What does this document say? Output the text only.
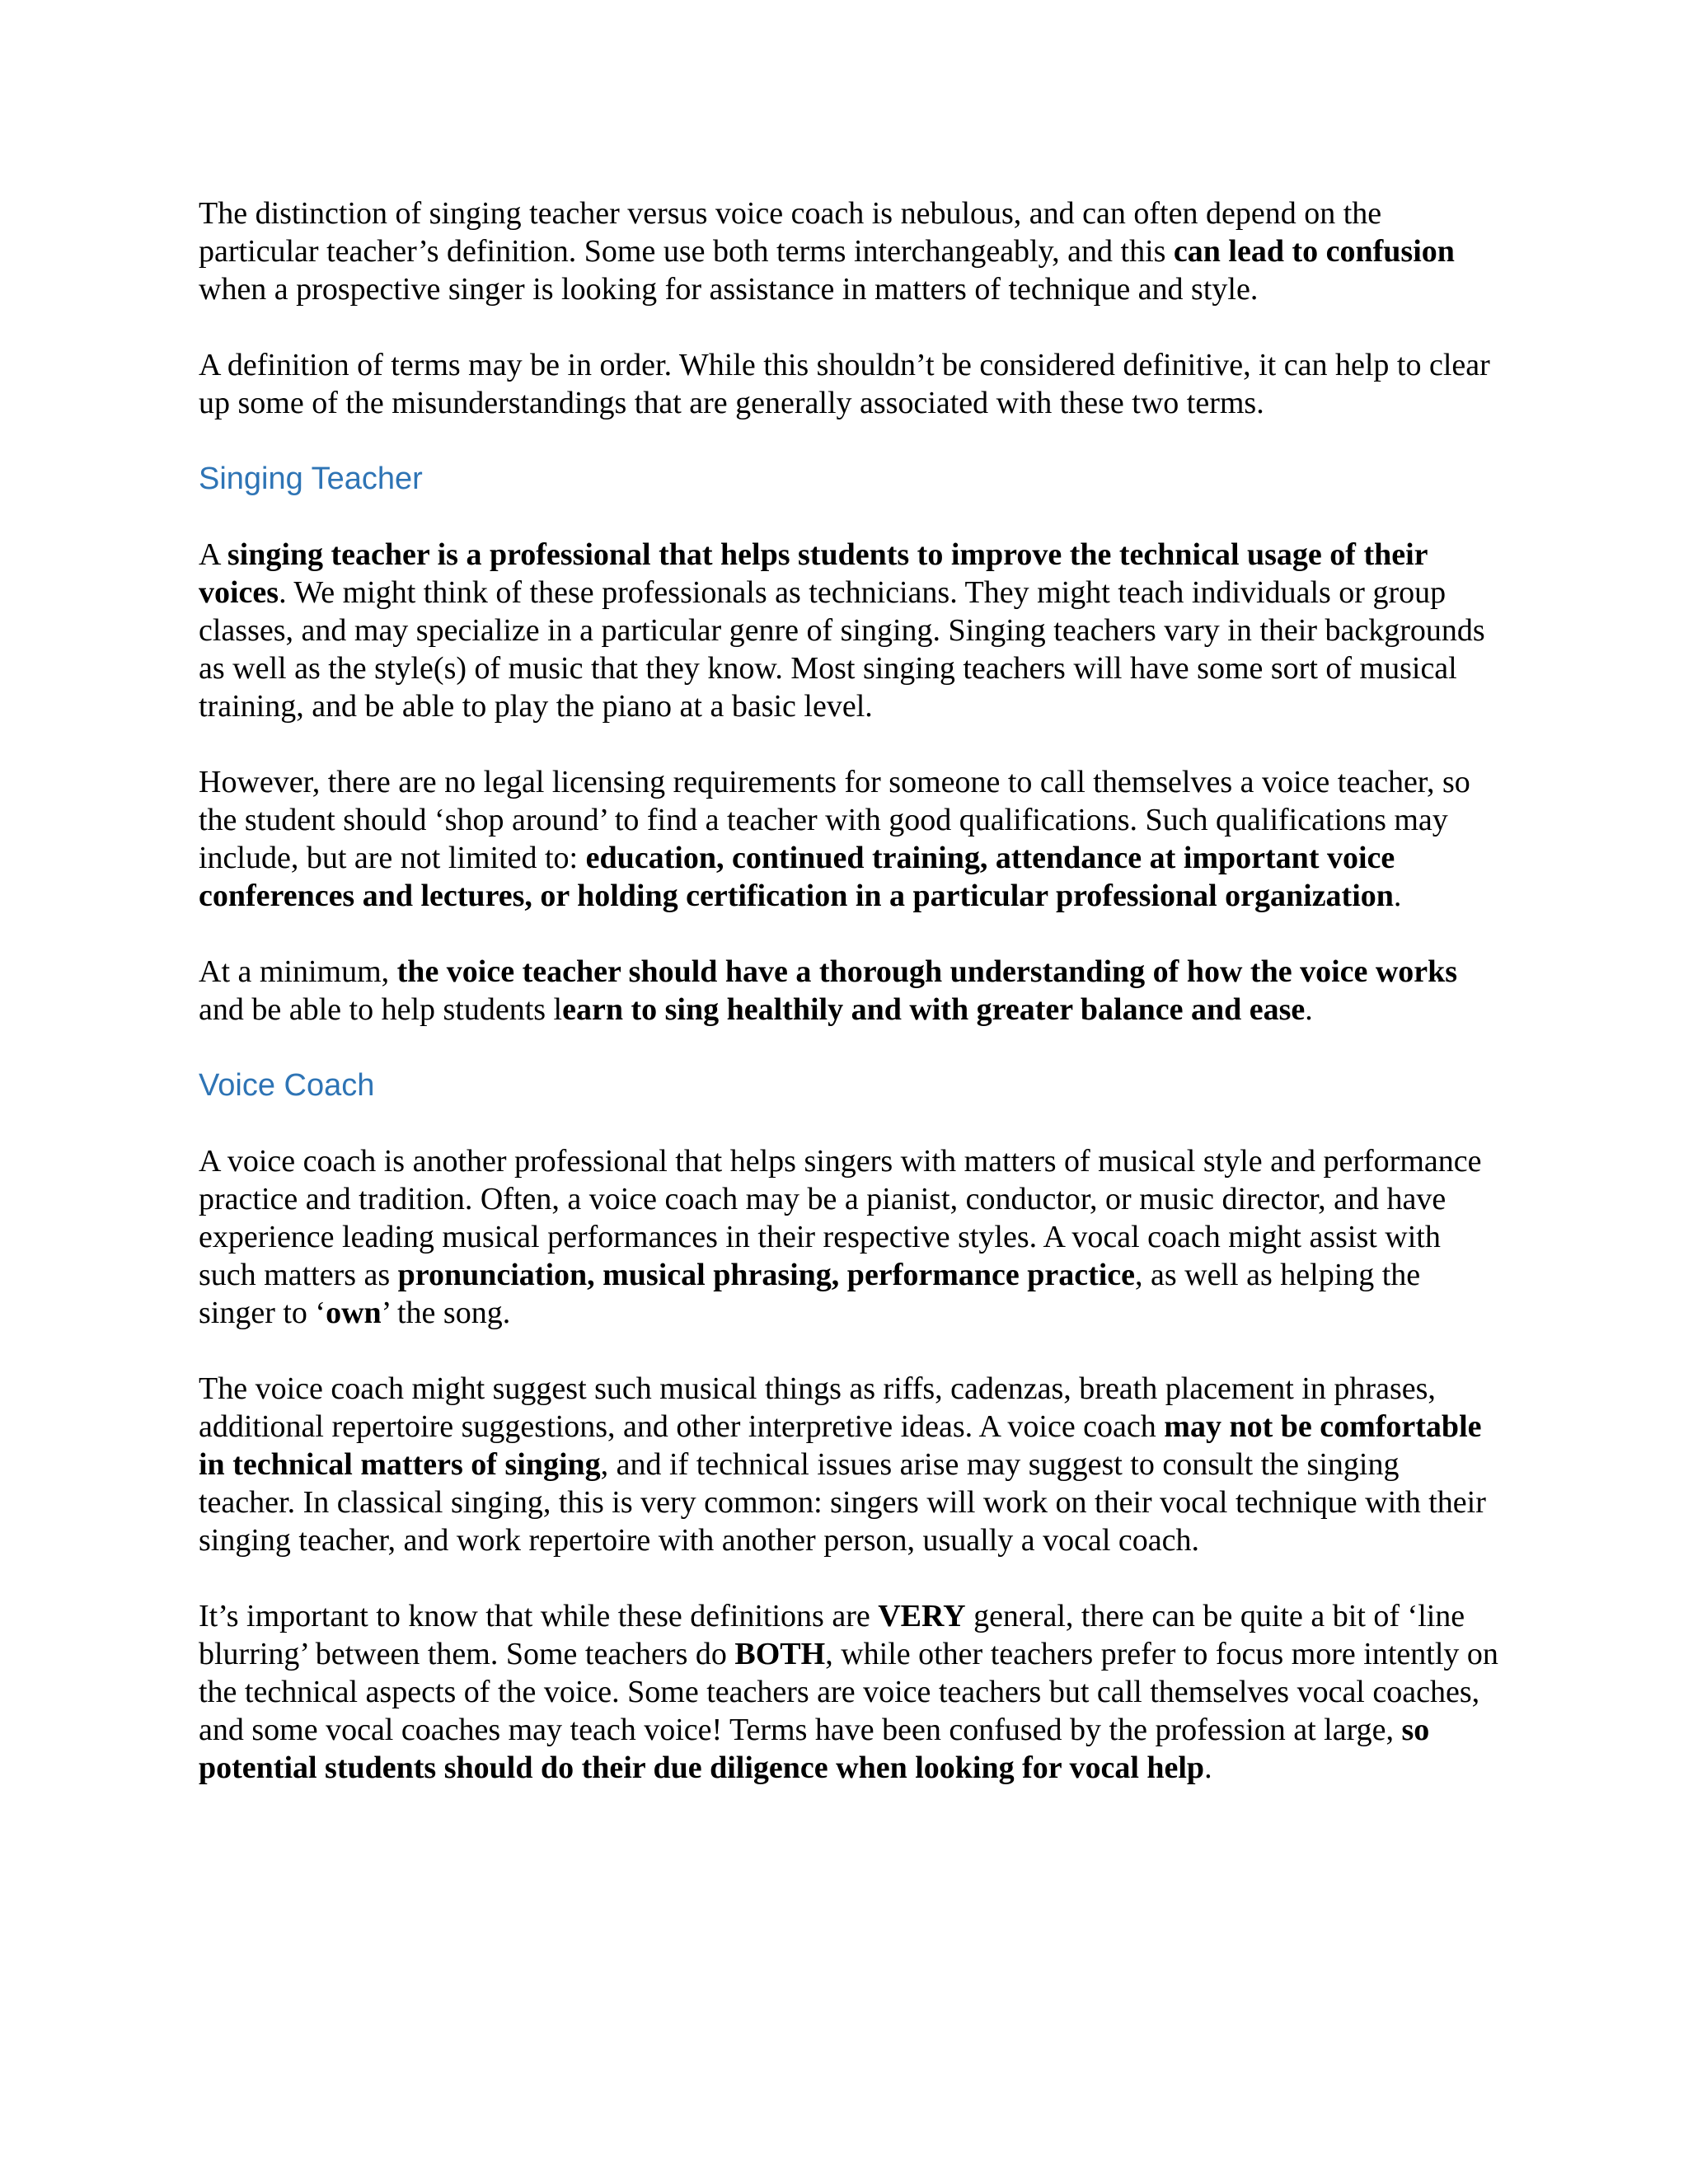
The distinction of singing teacher versus voice coach is nebulous, and can often depend on the particular teacher’s definition. Some use both terms interchangeably, and this can lead to confusion when a prospective singer is looking for assistance in matters of technique and style.

A definition of terms may be in order. While this shouldn’t be considered definitive, it can help to clear up some of the misunderstandings that are generally associated with these two terms.

Singing Teacher

A singing teacher is a professional that helps students to improve the technical usage of their voices. We might think of these professionals as technicians. They might teach individuals or group classes, and may specialize in a particular genre of singing. Singing teachers vary in their backgrounds as well as the style(s) of music that they know. Most singing teachers will have some sort of musical training, and be able to play the piano at a basic level.

However, there are no legal licensing requirements for someone to call themselves a voice teacher, so the student should ‘shop around’ to find a teacher with good qualifications. Such qualifications may include, but are not limited to: education, continued training, attendance at important voice conferences and lectures, or holding certification in a particular professional organization.

At a minimum, the voice teacher should have a thorough understanding of how the voice works and be able to help students learn to sing healthily and with greater balance and ease.

Voice Coach

A voice coach is another professional that helps singers with matters of musical style and performance practice and tradition. Often, a voice coach may be a pianist, conductor, or music director, and have experience leading musical performances in their respective styles. A vocal coach might assist with such matters as pronunciation, musical phrasing, performance practice, as well as helping the singer to ‘own’ the song.

The voice coach might suggest such musical things as riffs, cadenzas, breath placement in phrases, additional repertoire suggestions, and other interpretive ideas. A voice coach may not be comfortable in technical matters of singing, and if technical issues arise may suggest to consult the singing teacher. In classical singing, this is very common: singers will work on their vocal technique with their singing teacher, and work repertoire with another person, usually a vocal coach.

It’s important to know that while these definitions are VERY general, there can be quite a bit of ‘line blurring’ between them. Some teachers do BOTH, while other teachers prefer to focus more intently on the technical aspects of the voice. Some teachers are voice teachers but call themselves vocal coaches, and some vocal coaches may teach voice! Terms have been confused by the profession at large, so potential students should do their due diligence when looking for vocal help.
